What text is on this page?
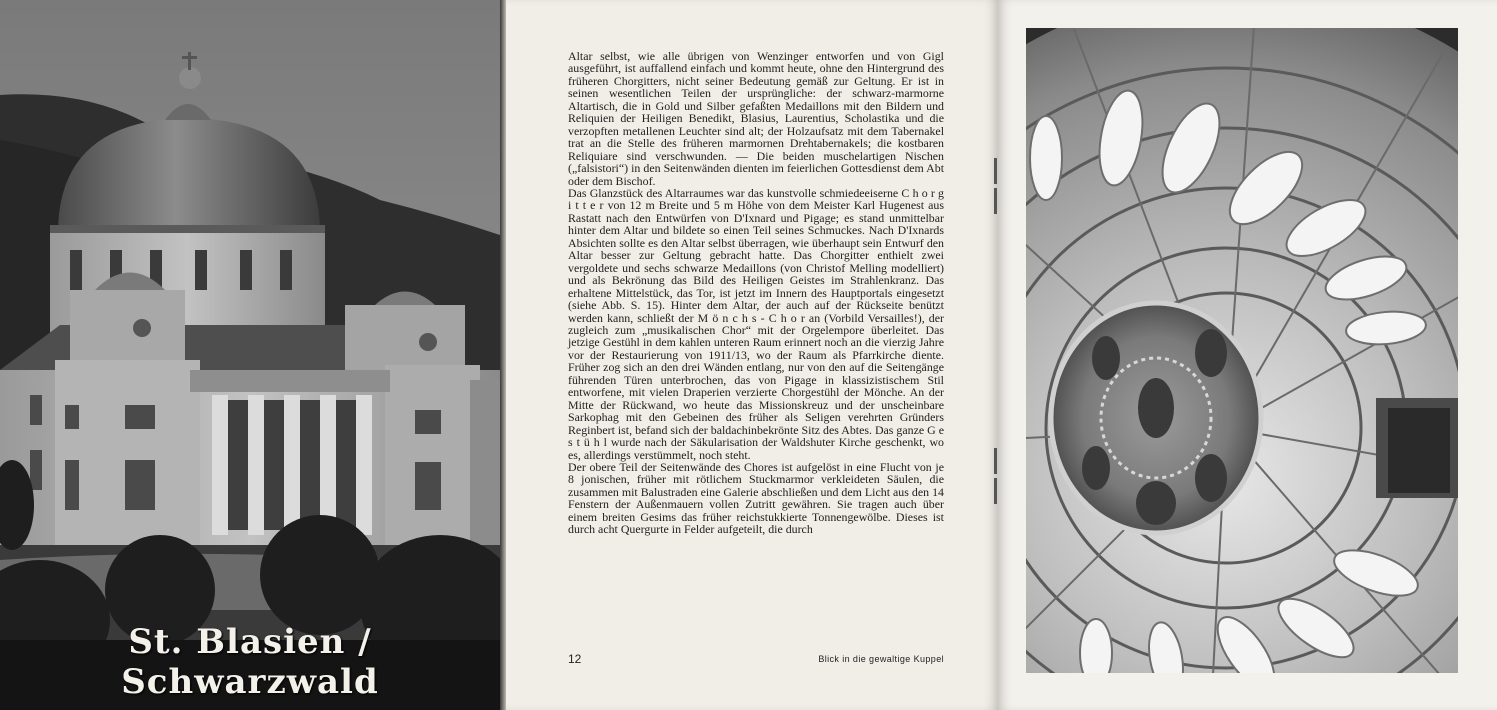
St. Blasien / Schwarzwald

Altar selbst, wie alle übrigen von Wenzinger entworfen und von Gigl ausgeführt, ist auffallend einfach und kommt heute, ohne den Hintergrund des früheren Chorgitters, nicht seiner Bedeutung gemäß zur Geltung. Er ist in seinen wesentlichen Teilen der ursprüngliche: der schwarz-marmorne Altartisch, die in Gold und Silber gefaßten Medaillons mit den Bildern und Reliquien der Heiligen Benedikt, Blasius, Laurentius, Scholastika und die verzopften metallenen Leuchter sind alt; der Holzaufsatz mit dem Tabernakel trat an die Stelle des früheren marmornen Drehtabernakels; die kostbaren Reliquiare sind verschwunden. — Die beiden muschelartigen Nischen („falsistori“) in den Seitenwänden dienten im feierlichen Gottesdienst dem Abt oder dem Bischof.

Das Glanzstück des Altarraumes war das kunstvolle schmiedeeiserne C h o r g i t t e r von 12 m Breite und 5 m Höhe von dem Meister Karl Hugenest aus Rastatt nach den Entwürfen von D'Ixnard und Pigage; es stand unmittelbar hinter dem Altar und bildete so einen Teil seines Schmuckes. Nach D'Ixnards Absichten sollte es den Altar selbst überragen, wie überhaupt sein Entwurf den Altar besser zur Geltung gebracht hatte. Das Chorgitter enthielt zwei vergoldete und sechs schwarze Medaillons (von Christof Melling modelliert) und als Bekrönung das Bild des Heiligen Geistes im Strahlenkranz. Das erhaltene Mittelstück, das Tor, ist jetzt im Innern des Hauptportals eingesetzt (siehe Abb. S. 15). Hinter dem Altar, der auch auf der Rückseite benützt werden kann, schließt der M ö n c h s - C h o r an (Vorbild Versailles!), der zugleich zum „musikalischen Chor“ mit der Orgelempore überleitet. Das jetzige Gestühl in dem kahlen unteren Raum erinnert noch an die vierzig Jahre vor der Restaurierung von 1911/13, wo der Raum als Pfarrkirche diente. Früher zog sich an den drei Wänden entlang, nur von den auf die Seitengänge führenden Türen unterbrochen, das von Pigage in klassizistischem Stil entworfene, mit vielen Draperien verzierte Chorgestühl der Mönche. An der Mitte der Rückwand, wo heute das Missionskreuz und der unscheinbare Sarkophag mit den Gebeinen des früher als Seligen verehrten Gründers Reginbert ist, befand sich der baldachinbekrönte Sitz des Abtes. Das ganze G e s t ü h l wurde nach der Säkularisation der Waldshuter Kirche geschenkt, wo es, allerdings verstümmelt, noch steht.

Der obere Teil der Seitenwände des Chores ist aufgelöst in eine Flucht von je 8 jonischen, früher mit rötlichem Stuckmarmor verkleideten Säulen, die zusammen mit Balustraden eine Galerie abschließen und dem Licht aus den 14 Fenstern der Außenmauern vollen Zutritt gewähren. Sie tragen auch über einem breiten Gesims das früher reichstukkierte Tonnengewölbe. Dieses ist durch acht Quergurte in Felder aufgeteilt, die durch

12	Blick in die gewaltige Kuppel
